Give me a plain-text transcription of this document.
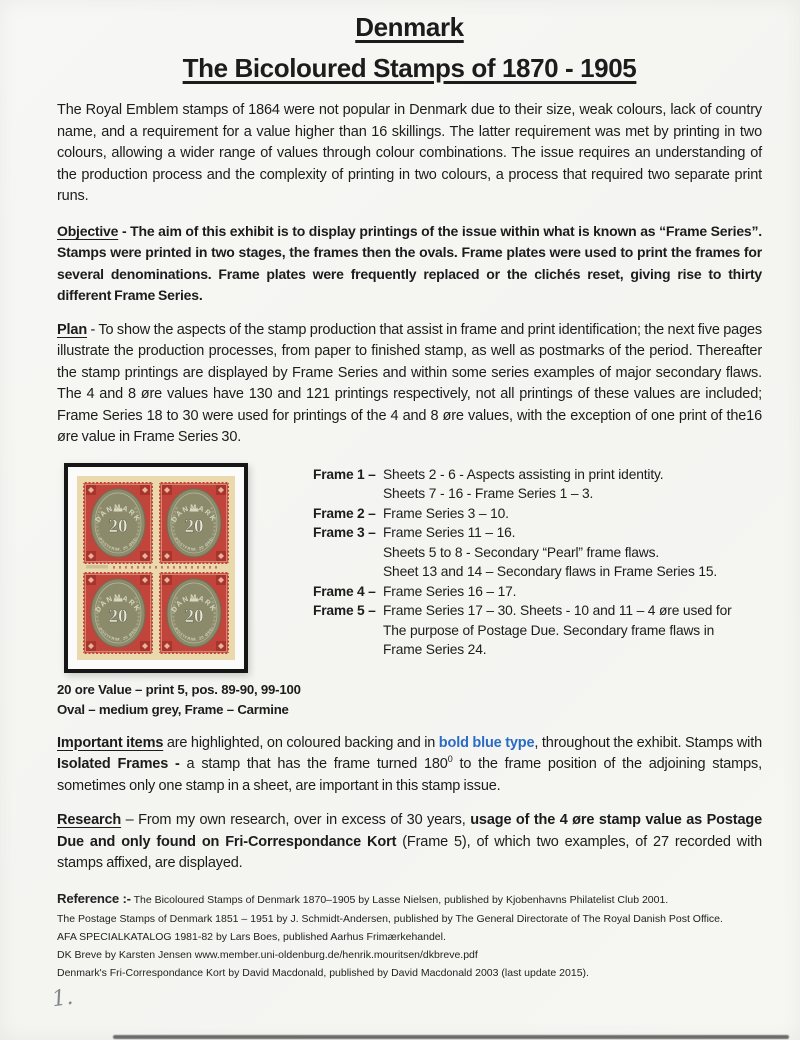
Denmark
The Bicoloured Stamps of 1870 - 1905

The Royal Emblem stamps of 1864 were not popular in Denmark due to their size, weak colours, lack of country name, and a requirement for a value higher than 16 skillings. The latter requirement was met by printing in two colours, allowing a wider range of values through colour combinations. The issue requires an understanding of the production process and the complexity of printing in two colours, a process that required two separate print runs.

Objective - The aim of this exhibit is to display printings of the issue within what is known as “Frame Series”. Stamps were printed in two stages, the frames then the ovals. Frame plates were used to print the frames for several denominations. Frame plates were frequently replaced or the clichés reset, giving rise to thirty different Frame Series.

Plan - To show the aspects of the stamp production that assist in frame and print identification; the next five pages illustrate the production processes, from paper to finished stamp, as well as postmarks of the period. Thereafter the stamp printings are displayed by Frame Series and within some series examples of major secondary flaws. The 4 and 8 øre values have 130 and 121 printings respectively, not all printings of these values are included; Frame Series 18 to 30 were used for printings of the 4 and 8 øre values, with the exception of one print of the16 øre value in Frame Series 30.

20 ore Value – print 5, pos. 89-90, 99-100
Oval – medium grey, Frame – Carmine
Frame 1 – Sheets 2 - 6 - Aspects assisting in print identity.
Sheets 7 - 16 - Frame Series 1 – 3.
Frame 2 – Frame Series 3 – 10.
Frame 3 – Frame Series 11 – 16.
Sheets 5 to 8 - Secondary “Pearl” frame flaws.
Sheet 13 and 14 – Secondary flaws in Frame Series 15.
Frame 4 – Frame Series 16 – 17.
Frame 5 – Frame Series 17 – 30. Sheets - 10 and 11 – 4 øre used for
The purpose of Postage Due. Secondary frame flaws in
Frame Series 24.

Important items are highlighted, on coloured backing and in bold blue type, throughout the exhibit. Stamps with Isolated Frames - a stamp that has the frame turned $180^0$ to the frame position of the adjoining stamps, sometimes only one stamp in a sheet, are important in this stamp issue.

Research – From my own research, over in excess of 30 years, usage of the 4 øre stamp value as Postage Due and only found on Fri-Correspondance Kort (Frame 5), of which two examples, of 27 recorded with stamps affixed, are displayed.

Reference :- The Bicoloured Stamps of Denmark 1870–1905 by Lasse Nielsen, published by Kjobenhavns Philatelist Club 2001.
The Postage Stamps of Denmark 1851 – 1951 by J. Schmidt-Andersen, published by The General Directorate of The Royal Danish Post Office.
AFA SPECIALKATALOG 1981-82 by Lars Boes, published Aarhus Frimærkehandel.
DK Breve by Karsten Jensen www.member.uni-oldenburg.de/henrik.mouritsen/dkbreve.pdf
Denmark's Fri-Correspondance Kort by David Macdonald, published by David Macdonald 2003 (last update 2015).
1.
